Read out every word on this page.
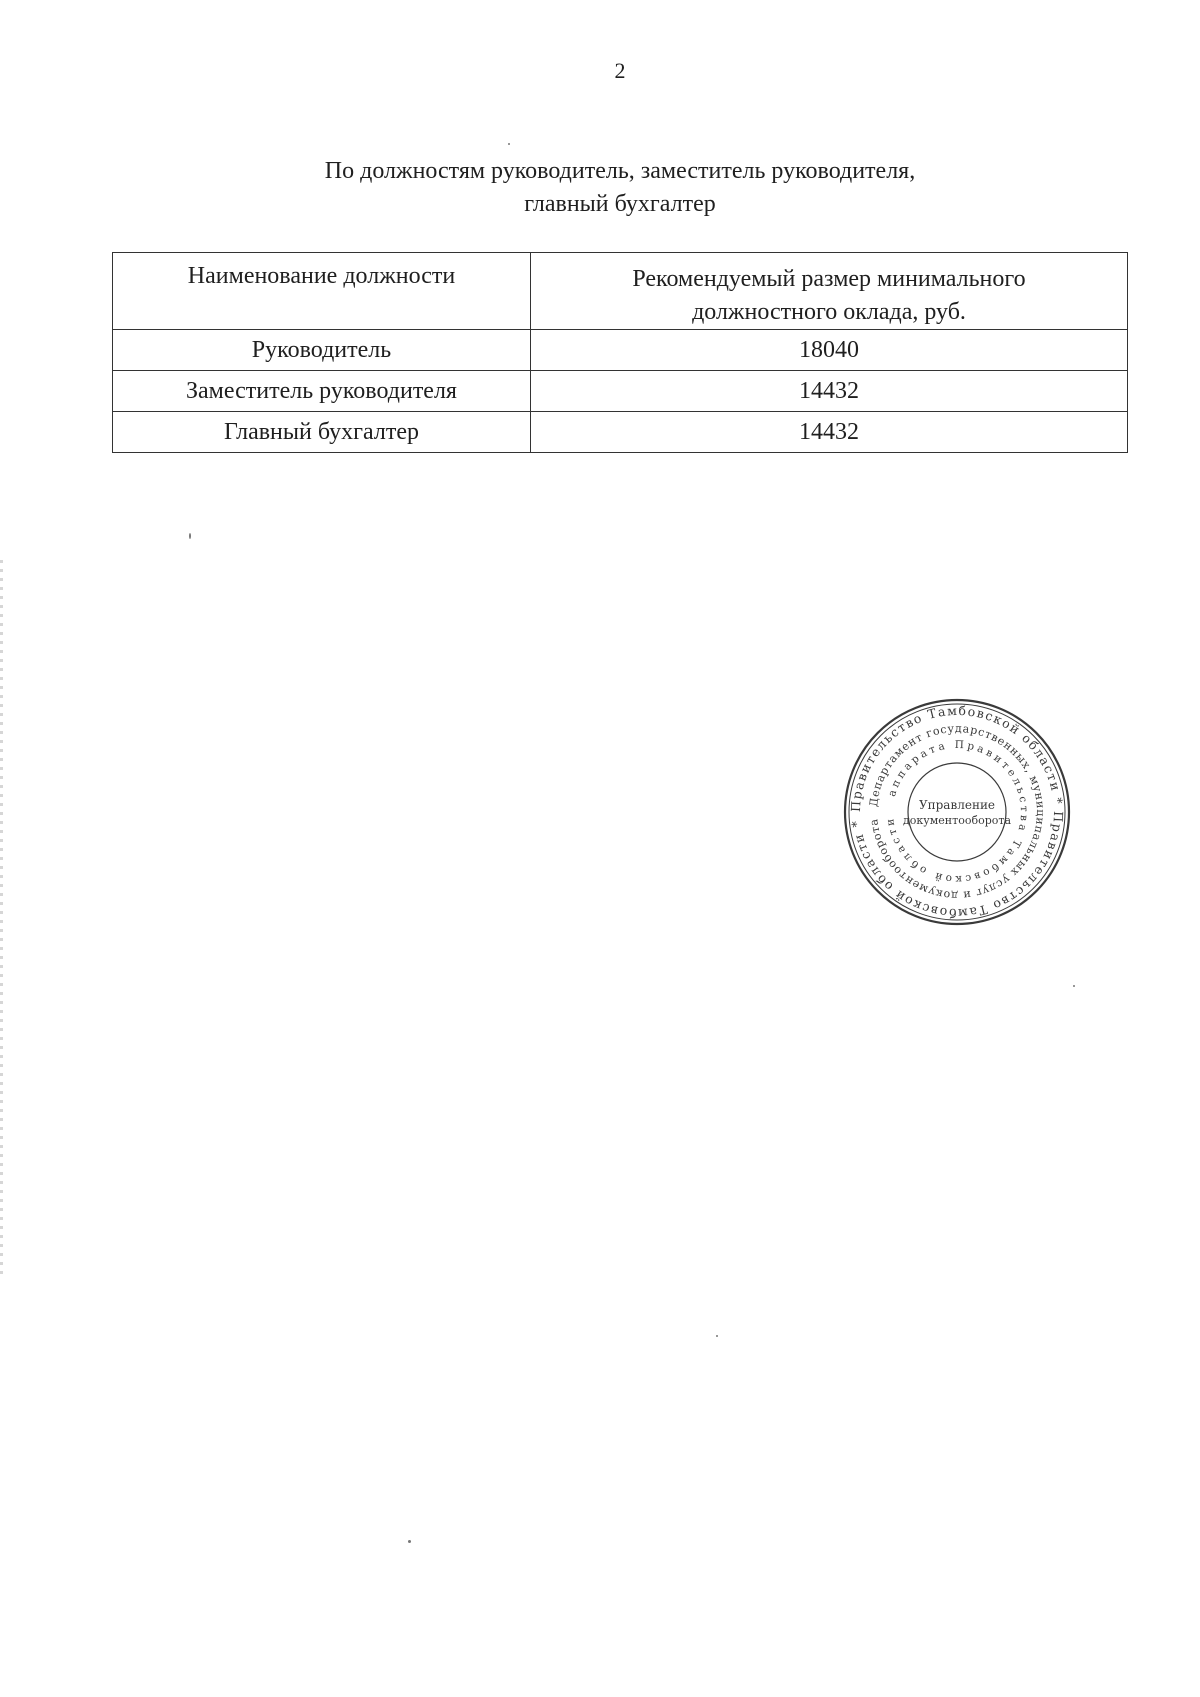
2
По должностям руководитель, заместитель руководителя,
главный бухгалтер
Наименование должности	Рекомендуемый размер минимального
должностного оклада, руб.

Руководитель	18040
Заместитель руководителя	14432
Главный бухгалтер	14432
Правительство Тамбовской области * Правительство Тамбовской области *
Департамент государственных, муниципальных услуг и документооборота
аппарата Правительства Тамбовской области
Управление
документооборота
